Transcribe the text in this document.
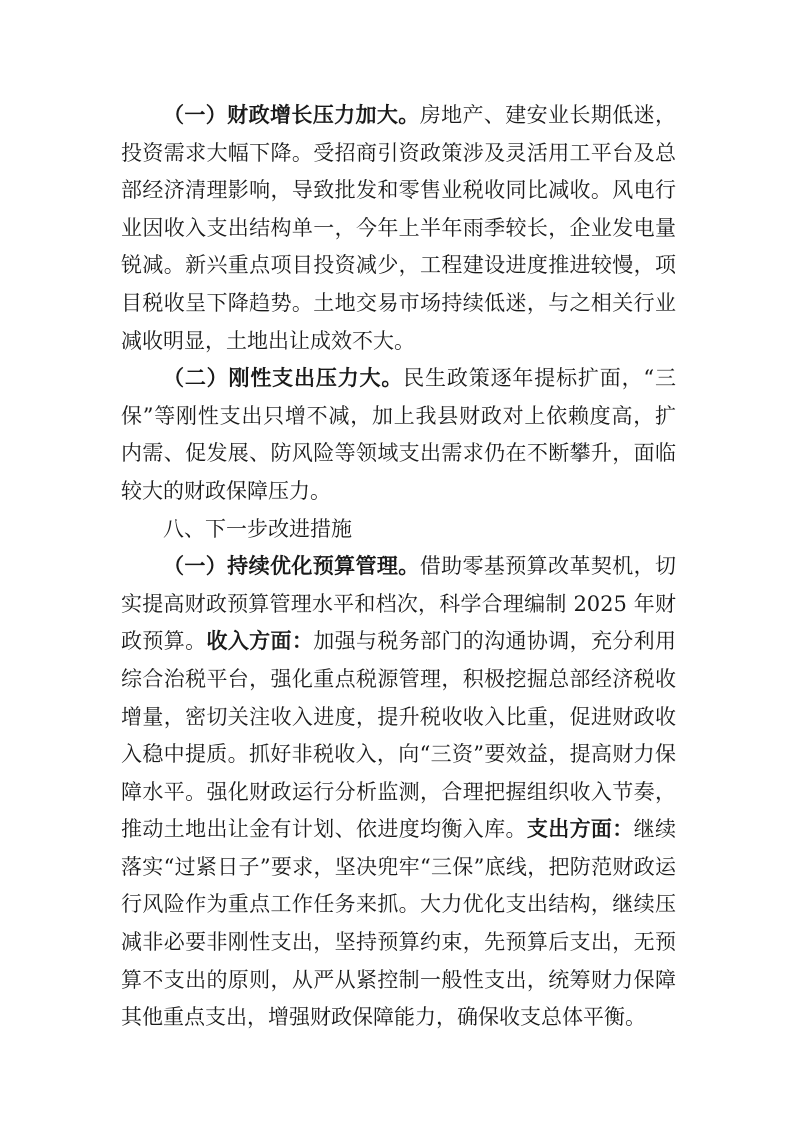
（一）财政增长压力加大。房地产、建安业长期低迷，投资需求大幅下降。受招商引资政策涉及灵活用工平台及总部经济清理影响，导致批发和零售业税收同比减收。风电行业因收入支出结构单一，今年上半年雨季较长，企业发电量锐减。新兴重点项目投资减少，工程建设进度推进较慢，项目税收呈下降趋势。土地交易市场持续低迷，与之相关行业减收明显，土地出让成效不大。

（二）刚性支出压力大。民生政策逐年提标扩面，“三保”等刚性支出只增不减，加上我县财政对上依赖度高，扩内需、促发展、防风险等领域支出需求仍在不断攀升，面临较大的财政保障压力。

八、下一步改进措施

（一）持续优化预算管理。借助零基预算改革契机，切实提高财政预算管理水平和档次，科学合理编制 2025 年财政预算。收入方面：加强与税务部门的沟通协调，充分利用综合治税平台，强化重点税源管理，积极挖掘总部经济税收增量，密切关注收入进度，提升税收收入比重，促进财政收入稳中提质。抓好非税收入，向“三资”要效益，提高财力保障水平。强化财政运行分析监测，合理把握组织收入节奏，推动土地出让金有计划、依进度均衡入库。支出方面：继续落实“过紧日子”要求，坚决兜牢“三保”底线，把防范财政运行风险作为重点工作任务来抓。大力优化支出结构，继续压减非必要非刚性支出，坚持预算约束，先预算后支出，无预算不支出的原则，从严从紧控制一般性支出，统筹财力保障其他重点支出，增强财政保障能力，确保收支总体平衡。
